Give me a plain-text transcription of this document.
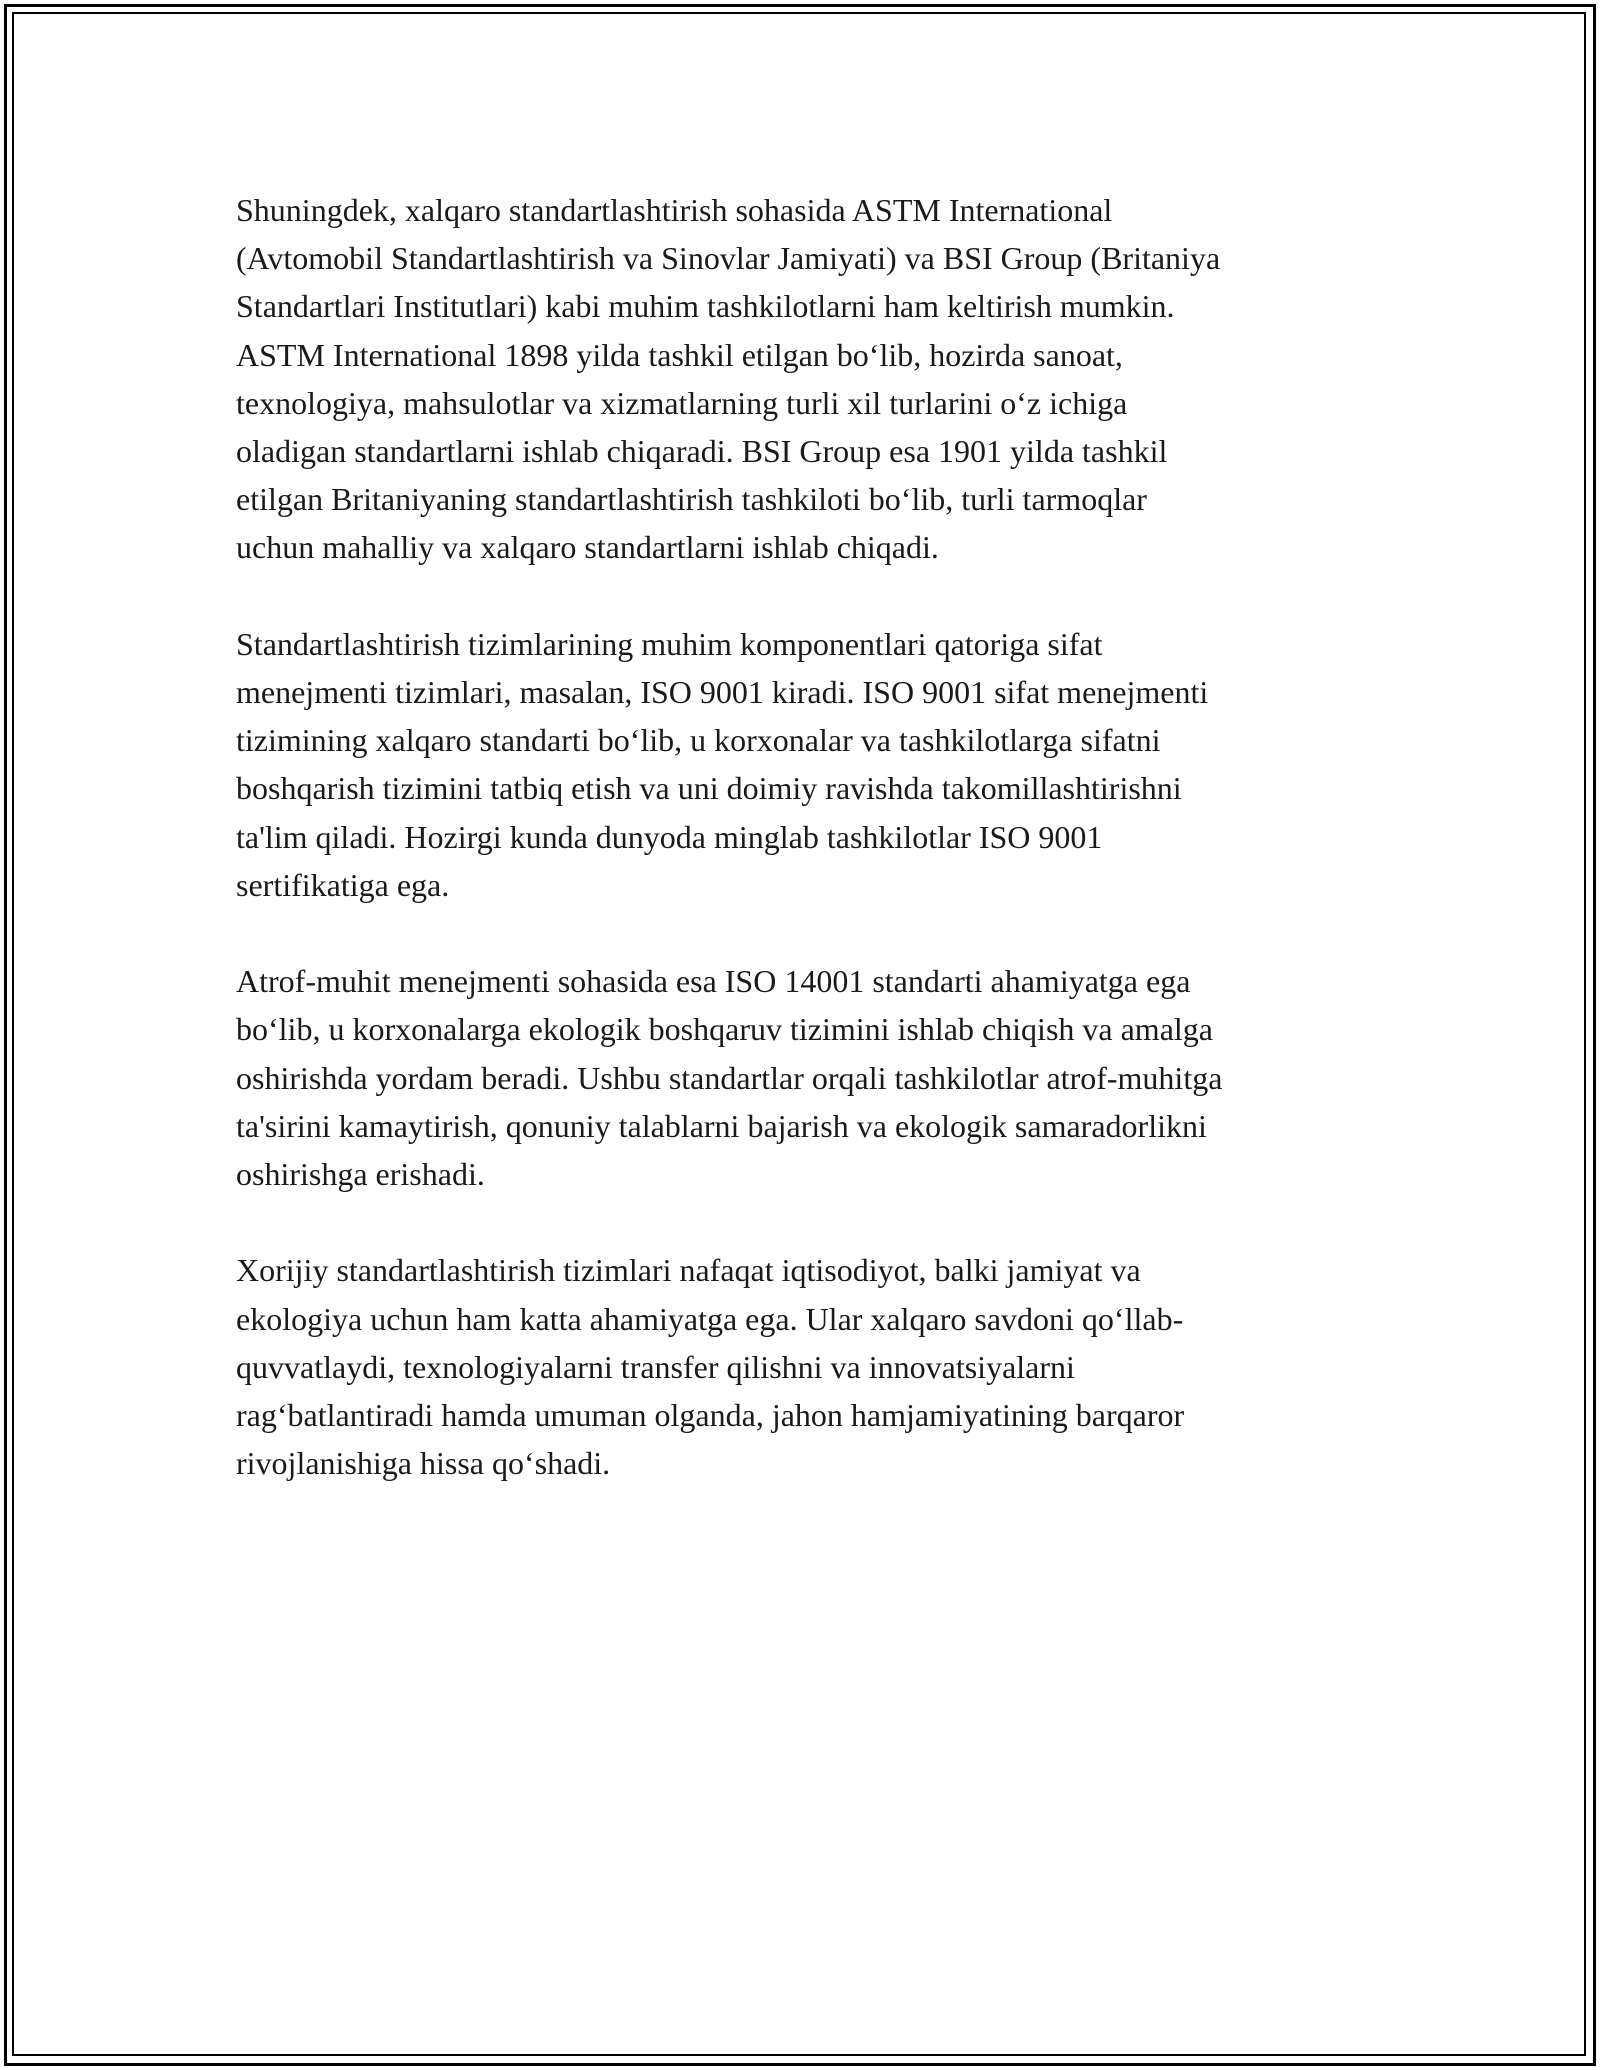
Shuningdek, xalqaro standartlashtirish sohasida ASTM International
(Avtomobil Standartlashtirish va Sinovlar Jamiyati) va BSI Group (Britaniya
Standartlari Institutlari) kabi muhim tashkilotlarni ham keltirish mumkin.
ASTM International 1898 yilda tashkil etilgan bo‘lib, hozirda sanoat,
texnologiya, mahsulotlar va xizmatlarning turli xil turlarini o‘z ichiga
oladigan standartlarni ishlab chiqaradi. BSI Group esa 1901 yilda tashkil
etilgan Britaniyaning standartlashtirish tashkiloti bo‘lib, turli tarmoqlar
uchun mahalliy va xalqaro standartlarni ishlab chiqadi.

Standartlashtirish tizimlarining muhim komponentlari qatoriga sifat
menejmenti tizimlari, masalan, ISO 9001 kiradi. ISO 9001 sifat menejmenti
tizimining xalqaro standarti bo‘lib, u korxonalar va tashkilotlarga sifatni
boshqarish tizimini tatbiq etish va uni doimiy ravishda takomillashtirishni
ta'lim qiladi. Hozirgi kunda dunyoda minglab tashkilotlar ISO 9001
sertifikatiga ega.

Atrof-muhit menejmenti sohasida esa ISO 14001 standarti ahamiyatga ega
bo‘lib, u korxonalarga ekologik boshqaruv tizimini ishlab chiqish va amalga
oshirishda yordam beradi. Ushbu standartlar orqali tashkilotlar atrof-muhitga
ta'sirini kamaytirish, qonuniy talablarni bajarish va ekologik samaradorlikni
oshirishga erishadi.

Xorijiy standartlashtirish tizimlari nafaqat iqtisodiyot, balki jamiyat va
ekologiya uchun ham katta ahamiyatga ega. Ular xalqaro savdoni qo‘llab-
quvvatlaydi, texnologiyalarni transfer qilishni va innovatsiyalarni
rag‘batlantiradi hamda umuman olganda, jahon hamjamiyatining barqaror
rivojlanishiga hissa qo‘shadi.
